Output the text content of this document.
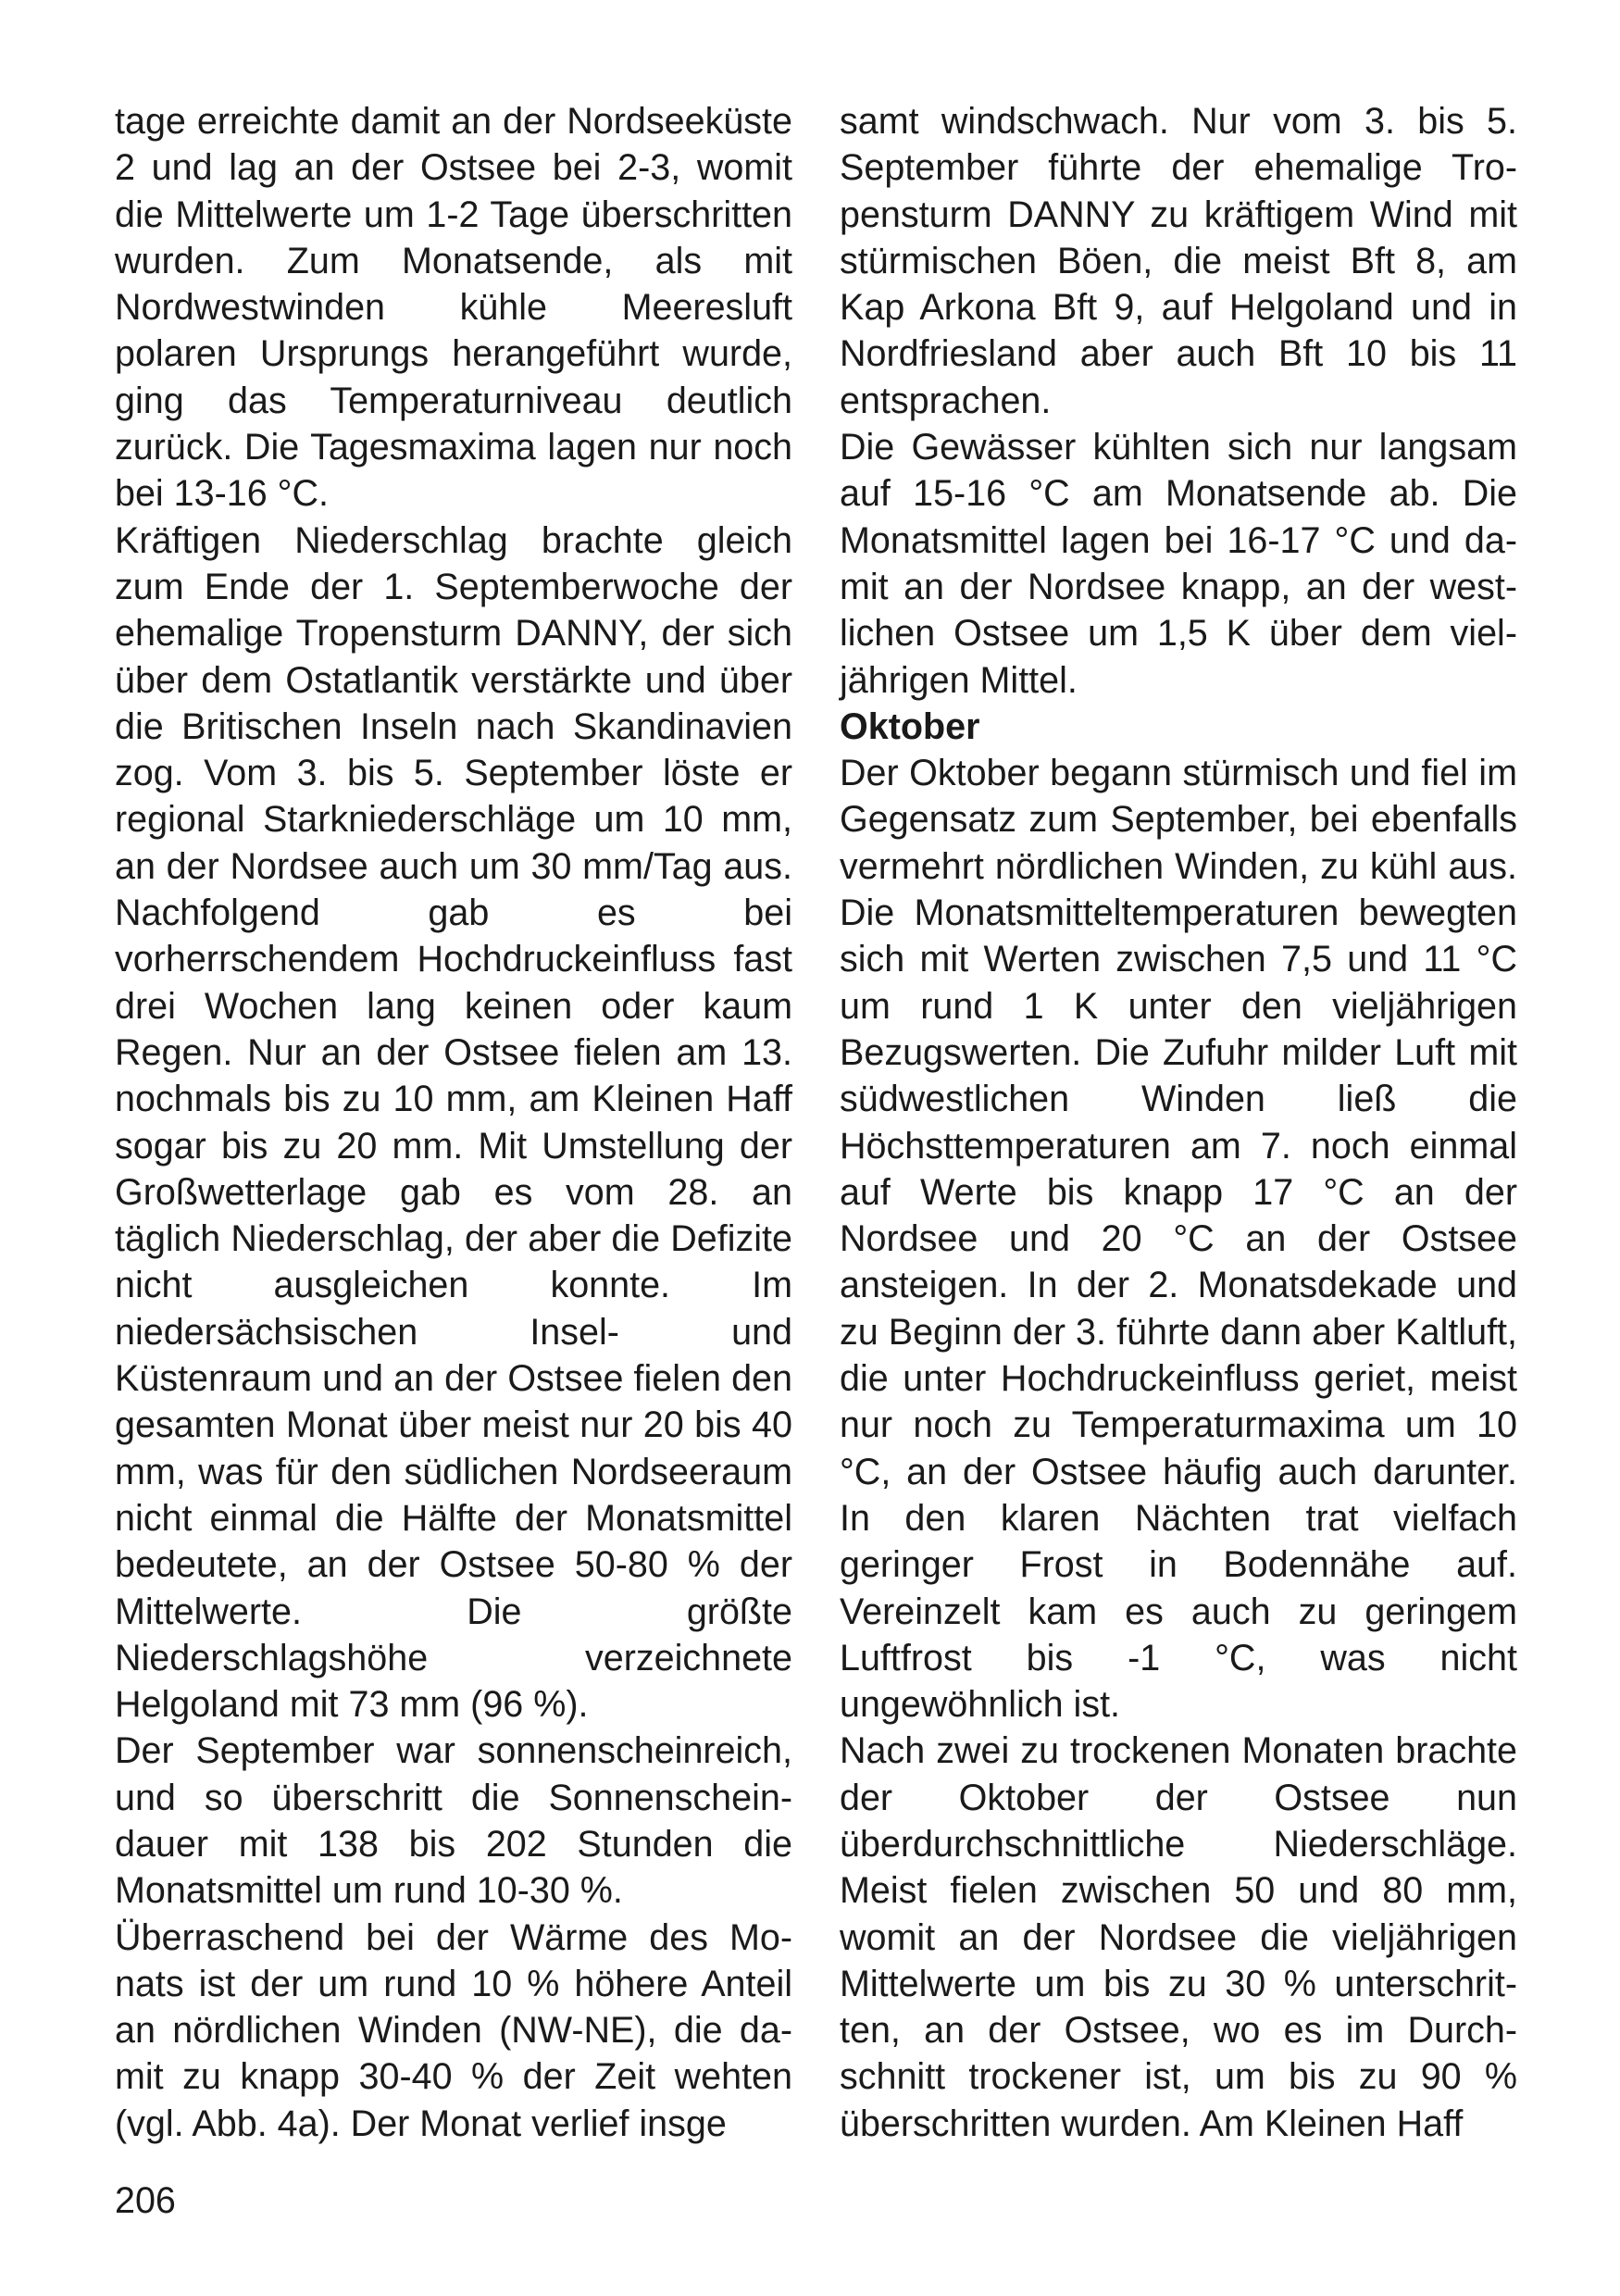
tage erreichte damit an der Nordseeküste 2 und lag an der Ostsee bei 2-3, womit die Mittelwerte um 1-2 Tage überschritten wurden. Zum Monatsende, als mit Nordwestwinden kühle Meeresluft polaren Ursprungs herangeführt wurde, ging das Temperaturniveau deutlich zurück. Die Tagesmaxima lagen nur noch bei 13-16 °C.

Kräftigen Niederschlag brachte gleich zum Ende der 1. Septemberwoche der ehemalige Tropensturm DANNY, der sich über dem Ostatlantik verstärkte und über die Britischen Inseln nach Skandinavien zog. Vom 3. bis 5. September löste er regional Starkniederschläge um 10 mm, an der Nordsee auch um 30 mm/Tag aus. Nachfolgend gab es bei vorherrschendem Hochdruckeinfluss fast drei Wochen lang keinen oder kaum Regen. Nur an der Ostsee fielen am 13. nochmals bis zu 10 mm, am Kleinen Haff sogar bis zu 20 mm. Mit Umstellung der Großwetterlage gab es vom 28. an täglich Niederschlag, der aber die Defizite nicht ausgleichen konnte. Im niedersächsischen Insel- und Küstenraum und an der Ostsee fielen den gesamten Monat über meist nur 20 bis 40 mm, was für den südlichen Nordseeraum nicht einmal die Hälfte der Monatsmittel bedeutete, an der Ostsee 50-80 % der Mittelwerte. Die größte Niederschlagshöhe verzeichnete Helgoland mit 73 mm (96 %).

Der September war sonnenscheinreich, und so überschritt die Sonnenscheindauer mit 138 bis 202 Stunden die Monatsmittel um rund 10-30 %.

Überraschend bei der Wärme des Monats ist der um rund 10 % höhere Anteil an nördlichen Winden (NW-NE), die damit zu knapp 30-40 % der Zeit wehten (vgl. Abb. 4a). Der Monat verlief insge

samt windschwach. Nur vom 3. bis 5. September führte der ehemalige Tropensturm DANNY zu kräftigem Wind mit stürmischen Böen, die meist Bft 8, am Kap Arkona Bft 9, auf Helgoland und in Nordfriesland aber auch Bft 10 bis 11 entsprachen.

Die Gewässer kühlten sich nur langsam auf 15-16 °C am Monatsende ab. Die Monatsmittel lagen bei 16-17 °C und damit an der Nordsee knapp, an der westlichen Ostsee um 1,5 K über dem vieljährigen Mittel.

Oktober

Der Oktober begann stürmisch und fiel im Gegensatz zum September, bei ebenfalls vermehrt nördlichen Winden, zu kühl aus. Die Monatsmitteltemperaturen bewegten sich mit Werten zwischen 7,5 und 11 °C um rund 1 K unter den vieljährigen Bezugswerten. Die Zufuhr milder Luft mit südwestlichen Winden ließ die Höchsttemperaturen am 7. noch einmal auf Werte bis knapp 17 °C an der Nordsee und 20 °C an der Ostsee ansteigen. In der 2. Monatsdekade und zu Beginn der 3. führte dann aber Kaltluft, die unter Hochdruckeinfluss geriet, meist nur noch zu Temperaturmaxima um 10 °C, an der Ostsee häufig auch darunter. In den klaren Nächten trat vielfach geringer Frost in Bodennähe auf. Vereinzelt kam es auch zu geringem Luftfrost bis -1 °C, was nicht ungewöhnlich ist.

Nach zwei zu trockenen Monaten brachte der Oktober der Ostsee nun überdurchschnittliche Niederschläge. Meist fielen zwischen 50 und 80 mm, womit an der Nordsee die vieljährigen Mittelwerte um bis zu 30 % unterschritten, an der Ostsee, wo es im Durchschnitt trockener ist, um bis zu 90 % überschritten wurden. Am Kleinen Haff

206
